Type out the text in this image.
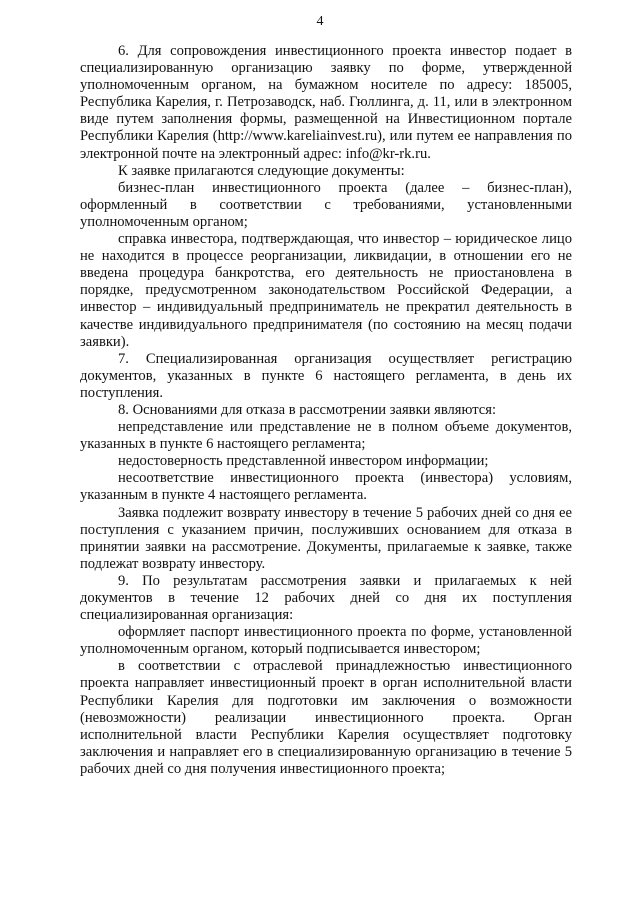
4

6. Для сопровождения инвестиционного проекта инвестор подает в специализированную организацию заявку по форме, утвержденной уполномоченным органом, на бумажном носителе по адресу: 185005, Республика Карелия, г. Петрозаводск, наб. Гюллинга, д. 11, или в электронном виде путем заполнения формы, размещенной на Инвестиционном портале Республики Карелия (http://www.kareliainvest.ru), или путем ее направления по электронной почте на электронный адрес: info@kr-rk.ru.

К заявке прилагаются следующие документы:

бизнес-план инвестиционного проекта (далее – бизнес-план), оформленный в соответствии с требованиями, установленными уполномоченным органом;

справка инвестора, подтверждающая, что инвестор – юридическое лицо не находится в процессе реорганизации, ликвидации, в отношении его не введена процедура банкротства, его деятельность не приостановлена в порядке, предусмотренном законодательством Российской Федерации, а инвестор – индивидуальный предприниматель не прекратил деятельность в качестве индивидуального предпринимателя (по состоянию на месяц подачи заявки).

7. Специализированная организация осуществляет регистрацию документов, указанных в пункте 6 настоящего регламента, в день их поступления.

8. Основаниями для отказа в рассмотрении заявки являются:

непредставление или представление не в полном объеме документов, указанных в пункте 6 настоящего регламента;

недостоверность представленной инвестором информации;

несоответствие инвестиционного проекта (инвестора) условиям, указанным в пункте 4 настоящего регламента.

Заявка подлежит возврату инвестору в течение 5 рабочих дней со дня ее поступления с указанием причин, послуживших основанием для отказа в принятии заявки на рассмотрение. Документы, прилагаемые к заявке, также подлежат возврату инвестору.

9. По результатам рассмотрения заявки и прилагаемых к ней документов в течение 12 рабочих дней со дня их поступления специализированная организация:

оформляет паспорт инвестиционного проекта по форме, установленной уполномоченным органом, который подписывается инвестором;

в соответствии с отраслевой принадлежностью инвестиционного проекта направляет инвестиционный проект в орган исполнительной власти Республики Карелия для подготовки им заключения о возможности (невозможности) реализации инвестиционного проекта. Орган исполнительной власти Республики Карелия осуществляет подготовку заключения и направляет его в специализированную организацию в течение 5 рабочих дней со дня получения инвестиционного проекта;
